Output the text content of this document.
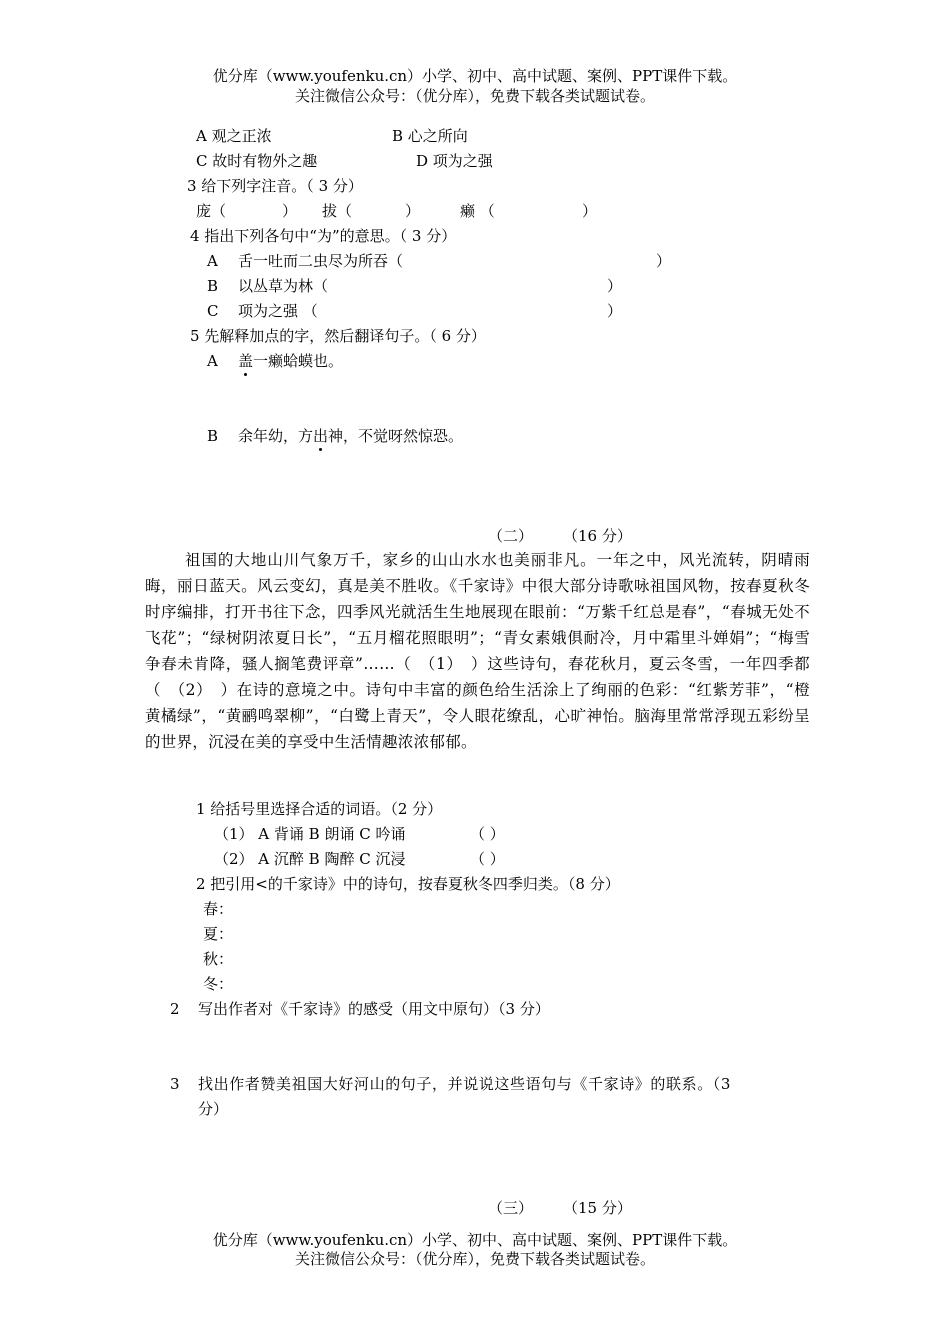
优分库（www.youfenku.cn）小学、初中、高中试题、案例、PPT课件下载。
关注微信公众号：（优分库），免费下载各类试题试卷。
A 观之正浓	B 心之所向
C 故时有物外之趣	D 项为之强
3 给下列字注音。（ 3 分）
庞（	） 拔（	）	癞 （	）
4 指出下列各句中“为”的意思。（ 3 分）
A 舌一吐而二虫尽为所吞（	）
B 以丛草为林（	）
C 项为之强 （	）
5 先解释加点的字，然后翻译句子。（ 6 分）
A 盖一癞蛤蟆也。
B 余年幼，方出神，不觉呀然惊恐。
（二） （16 分）
祖国的大地山川气象万千，家乡的山山水水也美丽非凡。一年之中，风光流转，阴晴雨晦，丽日蓝天。风云变幻，真是美不胜收。《千家诗》中很大部分诗歌咏祖国风物，按春夏秋冬时序编排，打开书往下念，四季风光就活生生地展现在眼前：“万紫千红总是春”，“春城无处不飞花”；“绿树阴浓夏日长”，“五月榴花照眼明”；“青女素娥俱耐冷，月中霜里斗婵娟”；“梅雪争春未肯降，骚人搁笔费评章”……（　（1）　）这些诗句，春花秋月，夏云冬雪，一年四季都（　（2）　）在诗的意境之中。诗句中丰富的颜色给生活涂上了绚丽的色彩：“红紫芳菲”，“橙黄橘绿”，“黄鹂鸣翠柳”，“白鹭上青天”，令人眼花缭乱，心旷神怡。脑海里常常浮现五彩纷呈的世界，沉浸在美的享受中生活情趣浓浓郁郁。
1 给括号里选择合适的词语。（2 分）
（1） A 背诵 B 朗诵 C 吟诵	（ ）
（2） A 沉醉 B 陶醉 C 沉浸	（ ）
2 把引用<的千家诗》中的诗句，按春夏秋冬四季归类。（8 分）
春：
夏：
秋：
冬：
2 写出作者对《千家诗》的感受（用文中原句）（3 分）
3 找出作者赞美祖国大好河山的句子，并说说这些语句与《千家诗》的联系。（3
分）
（三） （15 分）
优分库（www.youfenku.cn）小学、初中、高中试题、案例、PPT课件下载。
关注微信公众号：（优分库），免费下载各类试题试卷。
